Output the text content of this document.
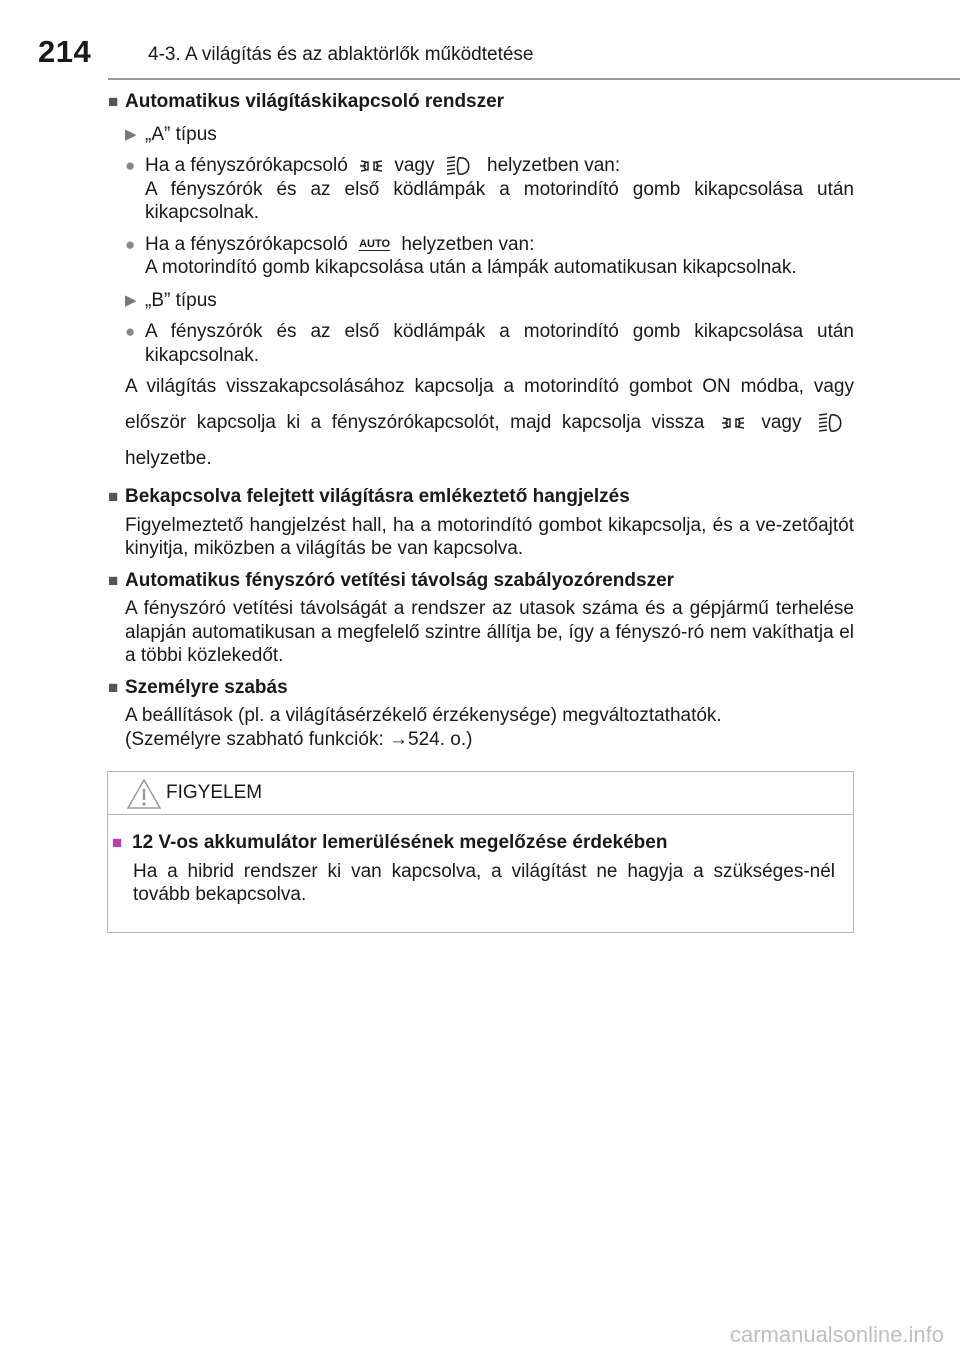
214	4-3. A világítás és az ablaktörlők működtetése
■ Automatikus világításkikapcsoló rendszer
▶ „A” típus
● Ha a fényszórókapcsoló vagy	helyzetben van:
A fényszórók és az első ködlámpák a motorindító gomb kikapcsolása után kikapcsolnak.
● Ha a fényszórókapcsoló AUTO helyzetben van:
A motorindító gomb kikapcsolása után a lámpák automatikusan kikapcsolnak.
▶ „B” típus
● A fényszórók és az első ködlámpák a motorindító gomb kikapcsolása után kikapcsolnak.
A világítás visszakapcsolásához kapcsolja a motorindító gombot ON módba, vagy először kapcsolja ki a fényszórókapcsolót, majd kapcsolja vissza	vagy  helyzetbe.
■ Bekapcsolva felejtett világításra emlékeztető hangjelzés
Figyelmeztető hangjelzést hall, ha a motorindító gombot kikapcsolja, és a ve-zetőajtót kinyitja, miközben a világítás be van kapcsolva.
■ Automatikus fényszóró vetítési távolság szabályozórendszer
A fényszóró vetítési távolságát a rendszer az utasok száma és a gépjármű terhelése alapján automatikusan a megfelelő szintre állítja be, így a fényszó-ró nem vakíthatja el a többi közlekedőt.
■ Személyre szabás
A beállítások (pl. a világításérzékelő érzékenysége) megváltoztathatók.
(Személyre szabható funkciók: →524. o.)
FIGYELEM
■ 12 V-os akkumulátor lemerülésének megelőzése érdekében
Ha a hibrid rendszer ki van kapcsolva, a világítást ne hagyja a szükséges-nél tovább bekapcsolva.
carmanualsonline.info
